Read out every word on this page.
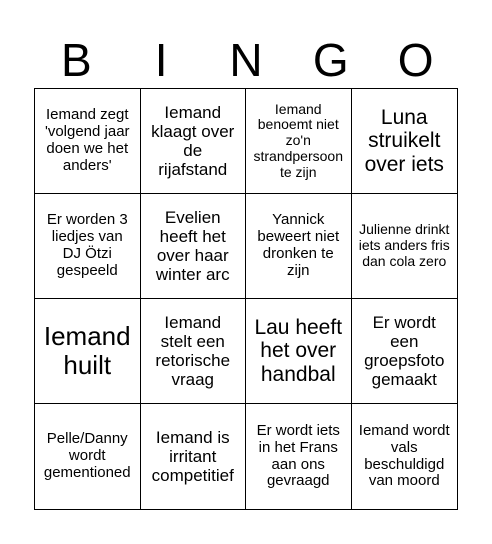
B	I	N	G	O
Iemand zegt 'volgend jaar doen we het anders'
Iemand klaagt over de rijafstand
Iemand benoemt niet zo'n strandpersoon te zijn
Luna struikelt over iets
Er worden 3 liedjes van DJ Ötzi gespeeld
Evelien heeft het over haar winter arc
Yannick beweert niet dronken te zijn
Julienne drinkt iets anders fris dan cola zero
Iemand huilt
Iemand stelt een retorische vraag
Lau heeft het over handbal
Er wordt een groepsfoto gemaakt
Pelle/Danny wordt gementioned
Iemand is irritant competitief
Er wordt iets in het Frans aan ons gevraagd
Iemand wordt vals beschuldigd van moord
